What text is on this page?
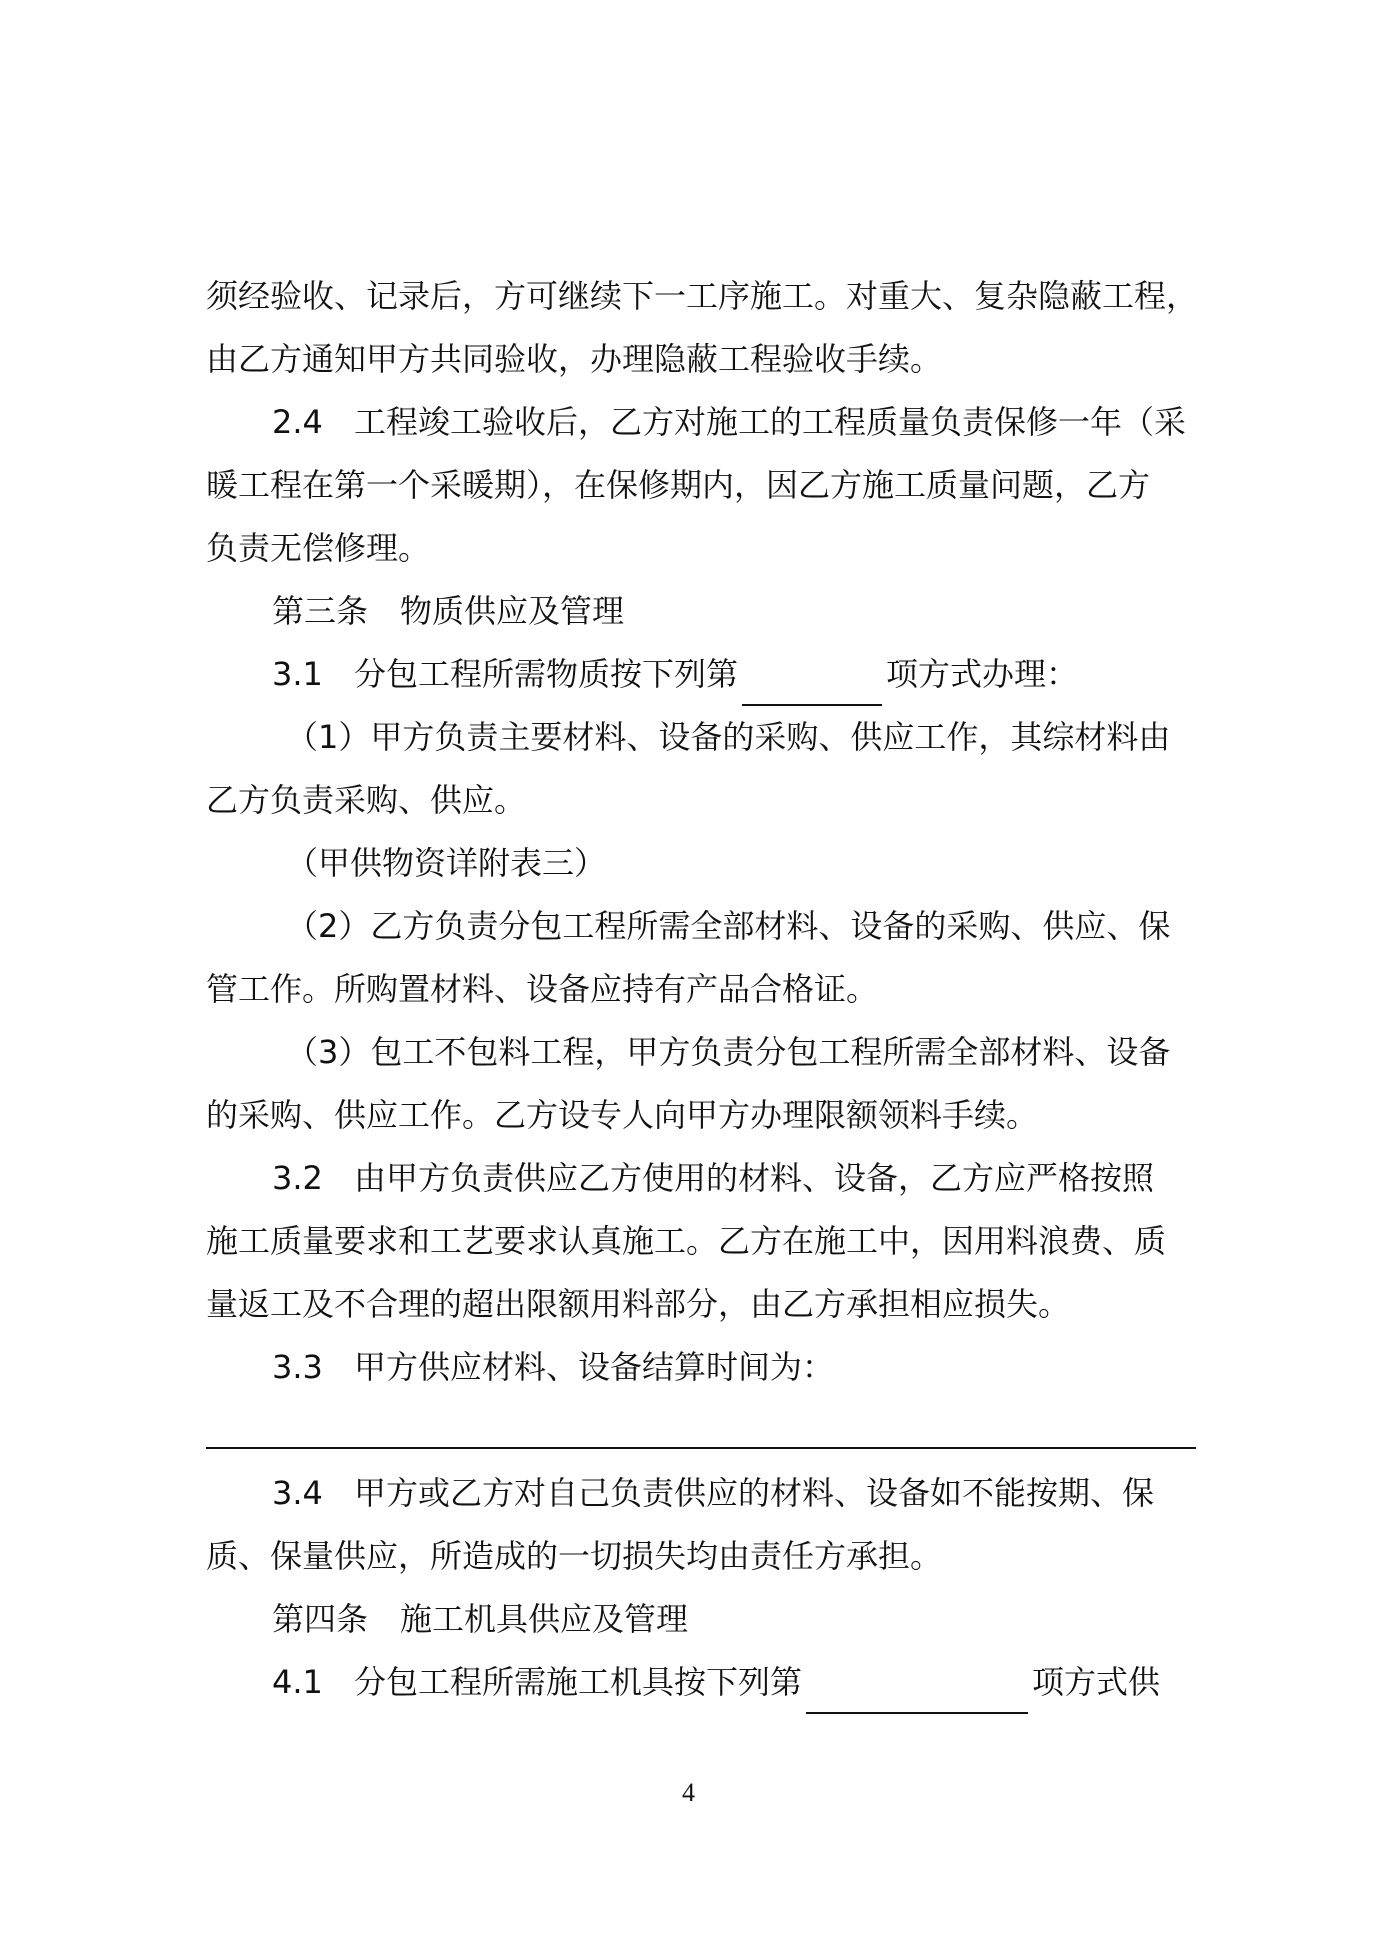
须经验收、记录后，方可继续下一工序施工。对重大、复杂隐蔽工程，
由乙方通知甲方共同验收，办理隐蔽工程验收手续。
2.4 工程竣工验收后，乙方对施工的工程质量负责保修一年（采
暖工程在第一个采暖期），在保修期内，因乙方施工质量问题，乙方
负责无偿修理。
第三条　物质供应及管理
3.1 分包工程所需物质按下列第	项方式办理：
（1）甲方负责主要材料、设备的采购、供应工作，其综材料由
乙方负责采购、供应。
（甲供物资详附表三）
（2）乙方负责分包工程所需全部材料、设备的采购、供应、保
管工作。所购置材料、设备应持有产品合格证。
（3）包工不包料工程，甲方负责分包工程所需全部材料、设备
的采购、供应工作。乙方设专人向甲方办理限额领料手续。
3.2 由甲方负责供应乙方使用的材料、设备，乙方应严格按照
施工质量要求和工艺要求认真施工。乙方在施工中，因用料浪费、质
量返工及不合理的超出限额用料部分，由乙方承担相应损失。
3.3 甲方供应材料、设备结算时间为：
3.4 甲方或乙方对自己负责供应的材料、设备如不能按期、保
质、保量供应，所造成的一切损失均由责任方承担。
第四条　施工机具供应及管理
4.1 分包工程所需施工机具按下列第	项方式供
4
